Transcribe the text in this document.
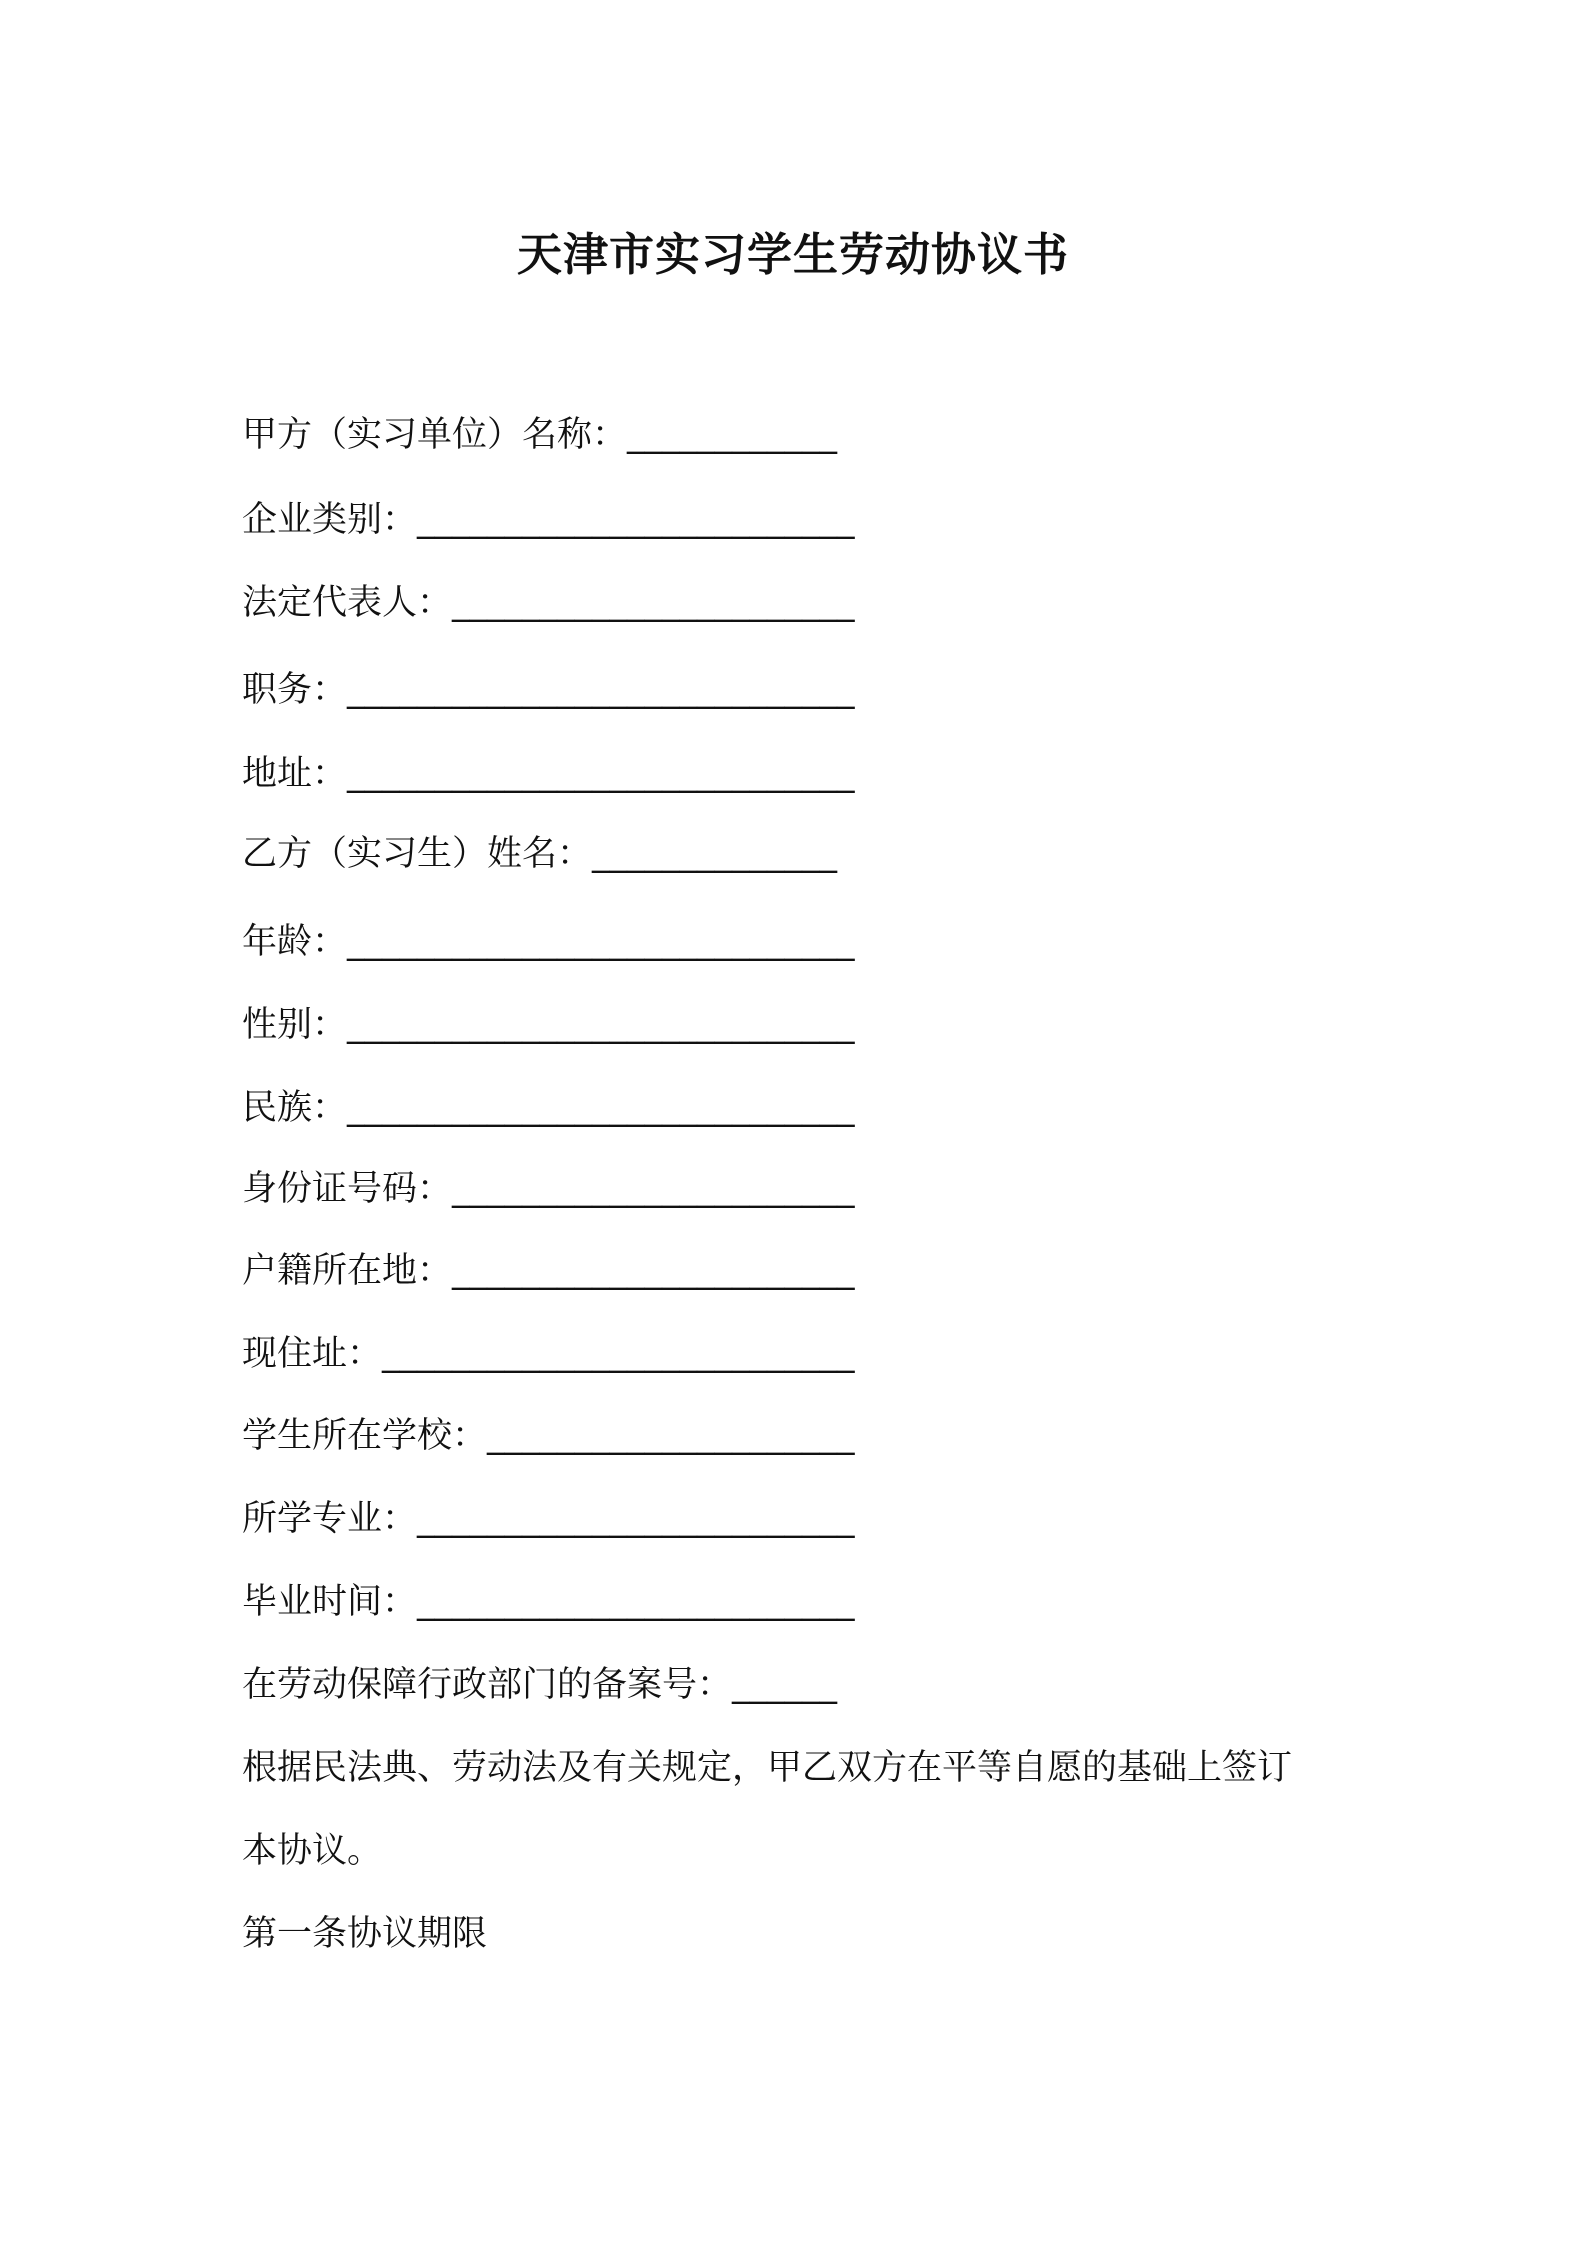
天津市实习学生劳动协议书
甲方（实习单位）名称：____________
企业类别：_________________________
法定代表人：_______________________
职务：_____________________________
地址：_____________________________
乙方（实习生）姓名：______________
年龄：_____________________________
性别：_____________________________
民族：_____________________________
身份证号码：_______________________
户籍所在地：_______________________
现住址：___________________________
学生所在学校：_____________________
所学专业：_________________________
毕业时间：_________________________
在劳动保障行政部门的备案号：______
根据民法典、劳动法及有关规定，甲乙双方在平等自愿的基础上签订
本协议。
第一条协议期限
